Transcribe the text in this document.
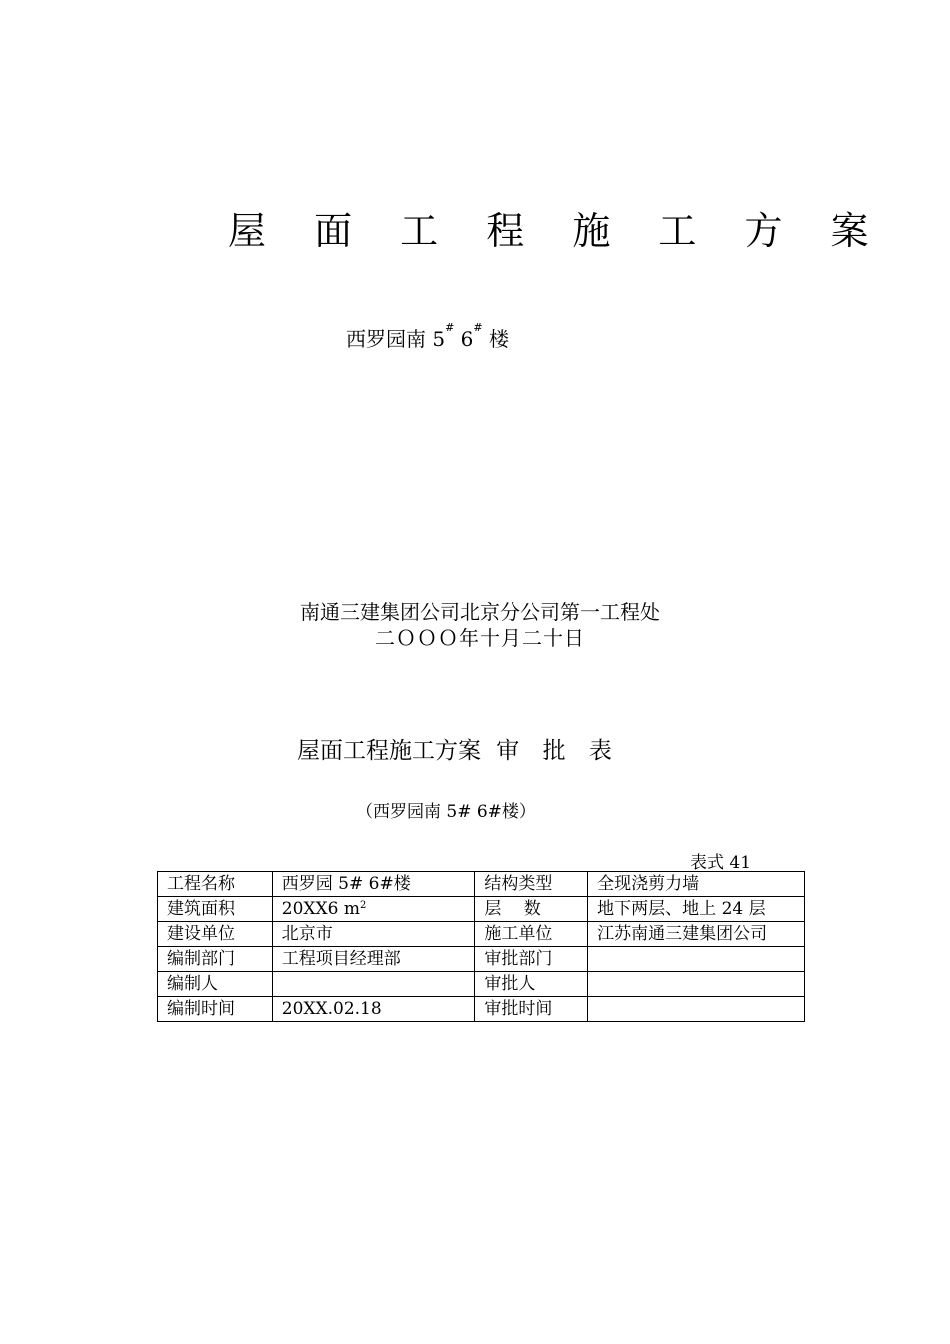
屋 面 工 程 施 工 方 案
西罗园南 5# 6# 楼
南通三建集团公司北京分公司第一工程处
二ＯＯＯ年十月二十日
屋面工程施工方案 审 批 表
（西罗园南 5# 6#楼）
表式 41
工程名称	西罗园 5# 6#楼	结构类型	全现浇剪力墙
建筑面积	20XX6 $m^2$	层　 数	地下两层、地上 24 层
建设单位	北京市	施工单位	江苏南通三建集团公司
编制部门	工程项目经理部	审批部门	
编制人		审批人	
编制时间	20XX.02.18	审批时间	
